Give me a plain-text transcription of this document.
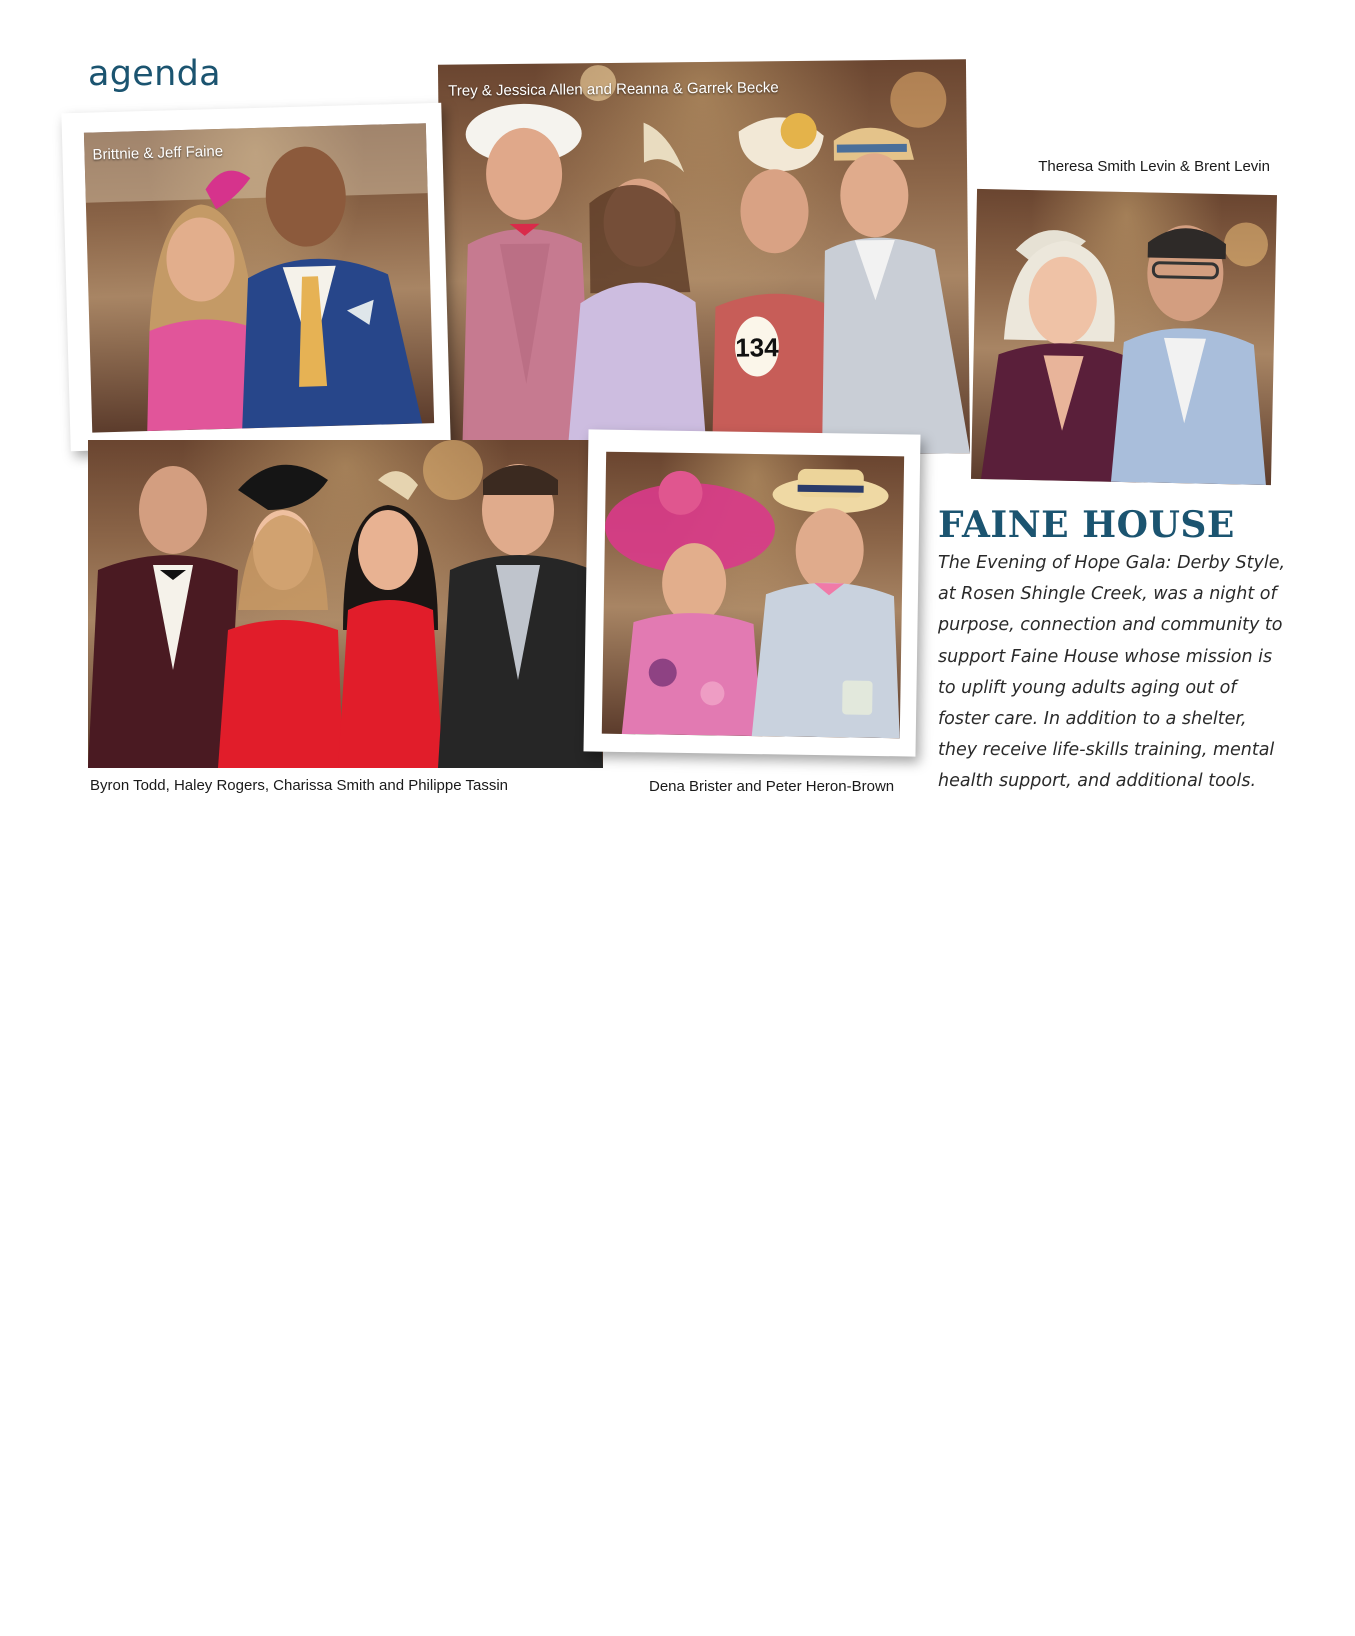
agenda
134
Trey & Jessica Allen and Reanna & Garrek Becke
Brittnie & Jeff Faine
Theresa Smith Levin & Brent Levin
Byron Todd, Haley Rogers, Charissa Smith and Philippe Tassin	Dena Brister and Peter Heron-Brown
FAINE HOUSE

The Evening of Hope Gala: Derby Style,
at Rosen Shingle Creek, was a night of
purpose, connection and community to
support Faine House whose mission is
to uplift young adults aging out of
foster care. In addition to a shelter,
they receive life-skills training, mental
health support, and additional tools.
